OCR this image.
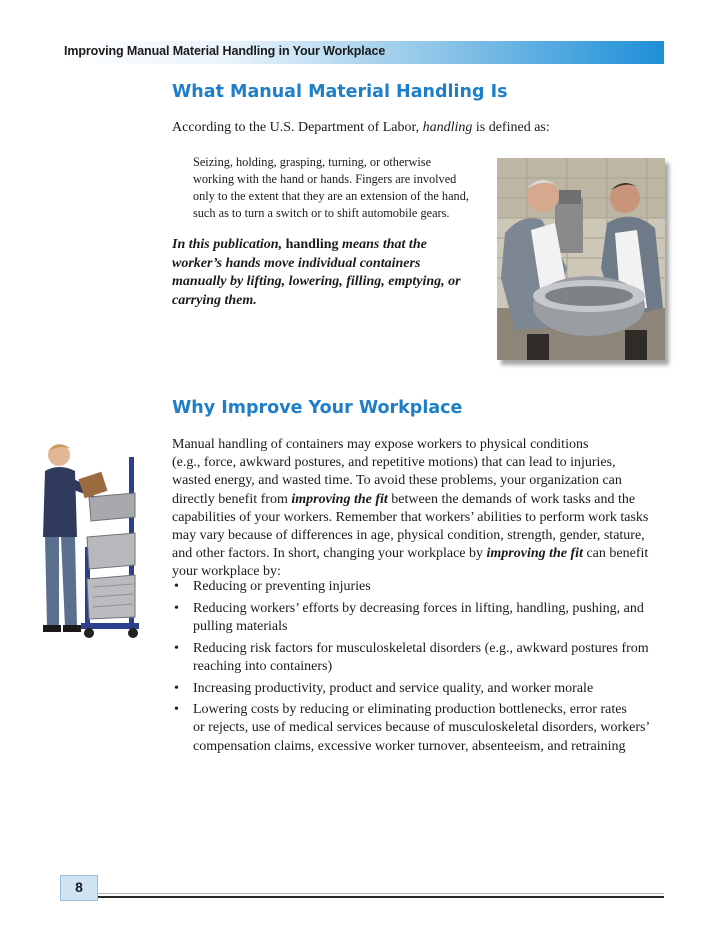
Improving Manual Material Handling in Your Workplace
What Manual Material Handling Is
According to the U.S. Department of Labor, handling is defined as:
Seizing, holding, grasping, turning, or otherwise
working with the hand or hands. Fingers are involved
only to the extent that they are an extension of the hand,
such as to turn a switch or to shift automobile gears.
In this publication, handling means that the
worker’s hands move individual containers
manually by lifting, lowering, filling, emptying, or
carrying them.
Why Improve Your Workplace
Manual handling of containers may expose workers to physical conditions
(e.g., force, awkward postures, and repetitive motions) that can lead to injuries,
wasted energy, and wasted time. To avoid these problems, your organization can
directly benefit from improving the fit between the demands of work tasks and the
capabilities of your workers. Remember that workers’ abilities to perform work tasks
may vary because of differences in age, physical condition, strength, gender, stature,
and other factors. In short, changing your workplace by improving the fit can benefit
your workplace by:
• Reducing or preventing injuries
• Reducing workers’ efforts by decreasing forces in lifting, handling, pushing, and
pulling materials
• Reducing risk factors for musculoskeletal disorders (e.g., awkward postures from
reaching into containers)
• Increasing productivity, product and service quality, and worker morale
• Lowering costs by reducing or eliminating production bottlenecks, error rates
or rejects, use of medical services because of musculoskeletal disorders, workers’
compensation claims, excessive worker turnover, absenteeism, and retraining
8
